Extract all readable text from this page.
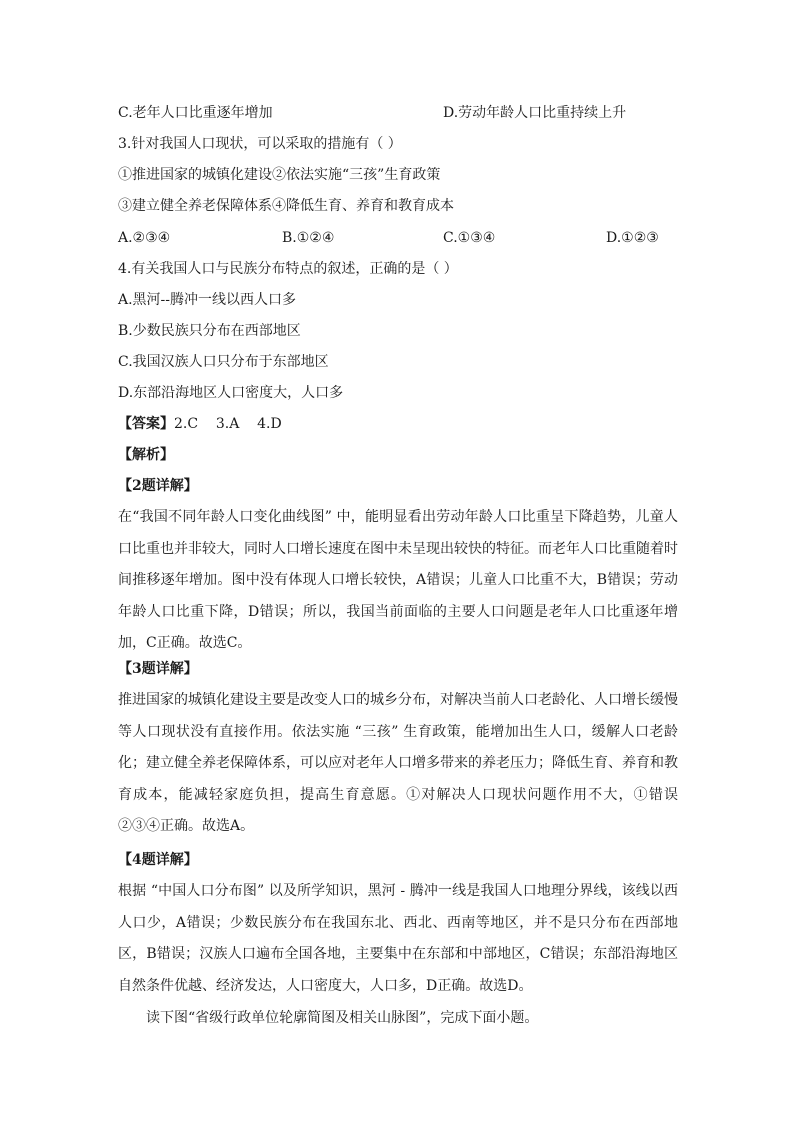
C.老年人口比重逐年增加	D.劳动年龄人口比重持续上升
3.针对我国人口现状，可以采取的措施有（ ）
①推进国家的城镇化建设②依法实施“三孩”生育政策
③建立健全养老保障体系④降低生育、养育和教育成本
A.②③④	B.①②④	C.①③④	D.①②③
4.有关我国人口与民族分布特点的叙述，正确的是（ ）
A.黑河--腾冲一线以西人口多
B.少数民族只分布在西部地区
C.我国汉族人口只分布于东部地区
D.东部沿海地区人口密度大，人口多
【答案】2.C    3.A    4.D
【解析】
【2题详解】
在“我国不同年龄人口变化曲线图” 中，能明显看出劳动年龄人口比重呈下降趋势，儿童人口比重也并非较大，同时人口增长速度在图中未呈现出较快的特征。而老年人口比重随着时间推移逐年增加。图中没有体现人口增长较快，A错误；儿童人口比重不大，B错误；劳动年龄人口比重下降，D错误；所以，我国当前面临的主要人口问题是老年人口比重逐年增加，C正确。故选C。
【3题详解】
推进国家的城镇化建设主要是改变人口的城乡分布，对解决当前人口老龄化、人口增长缓慢等人口现状没有直接作用。依法实施 “三孩” 生育政策，能增加出生人口，缓解人口老龄化；建立健全养老保障体系，可以应对老年人口增多带来的养老压力；降低生育、养育和教育成本，能减轻家庭负担，提高生育意愿。①对解决人口现状问题作用不大，①错误 ②③④正确。故选A。
【4题详解】
根据 “中国人口分布图” 以及所学知识，黑河 - 腾冲一线是我国人口地理分界线，该线以西人口少，A错误；少数民族分布在我国东北、西北、西南等地区，并不是只分布在西部地区，B错误；汉族人口遍布全国各地，主要集中在东部和中部地区，C错误；东部沿海地区自然条件优越、经济发达，人口密度大，人口多，D正确。故选D。
读下图“省级行政单位轮廓简图及相关山脉图”，完成下面小题。
